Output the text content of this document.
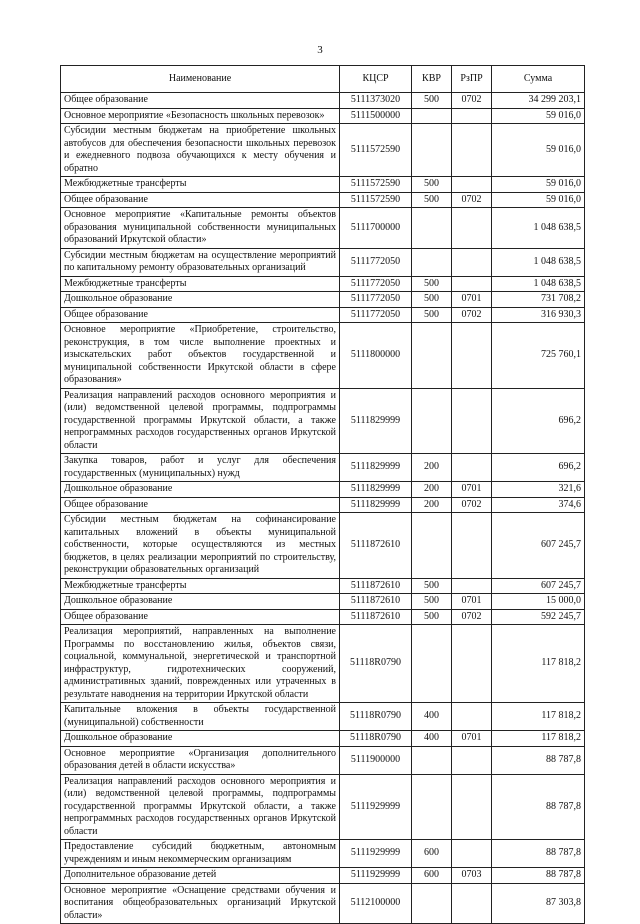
3
Наименование	КЦСР	КВР	РзПР	Сумма
Общее образование	5111373020	500	0702	34 299 203,1
Основное мероприятие «Безопасность школьных перевозок»	5111500000			59 016,0
Субсидии местным бюджетам на приобретение школьных автобусов для обеспечения безопасности школьных перевозок и ежедневного подвоза обучающихся к месту обучения и обратно	5111572590			59 016,0
Межбюджетные трансферты	5111572590	500		59 016,0
Общее образование	5111572590	500	0702	59 016,0
Основное мероприятие «Капитальные ремонты объектов образования муниципальной собственности муниципальных образований Иркутской области»	5111700000			1 048 638,5
Субсидии местным бюджетам на осуществление мероприятий по капитальному ремонту образовательных организаций	5111772050			1 048 638,5
Межбюджетные трансферты	5111772050	500		1 048 638,5
Дошкольное образование	5111772050	500	0701	731 708,2
Общее образование	5111772050	500	0702	316 930,3
Основное мероприятие «Приобретение, строительство, реконструкция, в том числе выполнение проектных и изыскательских работ объектов государственной и муниципальной собственности Иркутской области в сфере образования»	5111800000			725 760,1
Реализация направлений расходов основного мероприятия и (или) ведомственной целевой программы, подпрограммы государственной программы Иркутской области, а также непрограммных расходов государственных органов Иркутской области	5111829999			696,2
Закупка товаров, работ и услуг для обеспечения государственных (муниципальных) нужд	5111829999	200		696,2
Дошкольное образование	5111829999	200	0701	321,6
Общее образование	5111829999	200	0702	374,6
Субсидии местным бюджетам на софинансирование капитальных вложений в объекты муниципальной собственности, которые осуществляются из местных бюджетов, в целях реализации мероприятий по строительству, реконструкции образовательных организаций	5111872610			607 245,7
Межбюджетные трансферты	5111872610	500		607 245,7
Дошкольное образование	5111872610	500	0701	15 000,0
Общее образование	5111872610	500	0702	592 245,7
Реализация мероприятий, направленных на выполнение Программы по восстановлению жилья, объектов связи, социальной, коммунальной, энергетической и транспортной инфраструктур, гидротехнических сооружений, административных зданий, поврежденных или утраченных в результате наводнения на территории Иркутской области	51118R0790			117 818,2
Капитальные вложения в объекты государственной (муниципальной) собственности	51118R0790	400		117 818,2
Дошкольное образование	51118R0790	400	0701	117 818,2
Основное мероприятие «Организация дополнительного образования детей в области искусства»	5111900000			88 787,8
Реализация направлений расходов основного мероприятия и (или) ведомственной целевой программы, подпрограммы государственной программы Иркутской области, а также непрограммных расходов государственных органов Иркутской области	5111929999			88 787,8
Предоставление субсидий бюджетным, автономным учреждениям и иным некоммерческим организациям	5111929999	600		88 787,8
Дополнительное образование детей	5111929999	600	0703	88 787,8
Основное мероприятие «Оснащение средствами обучения и воспитания общеобразовательных организаций Иркутской области»	5112100000			87 303,8
